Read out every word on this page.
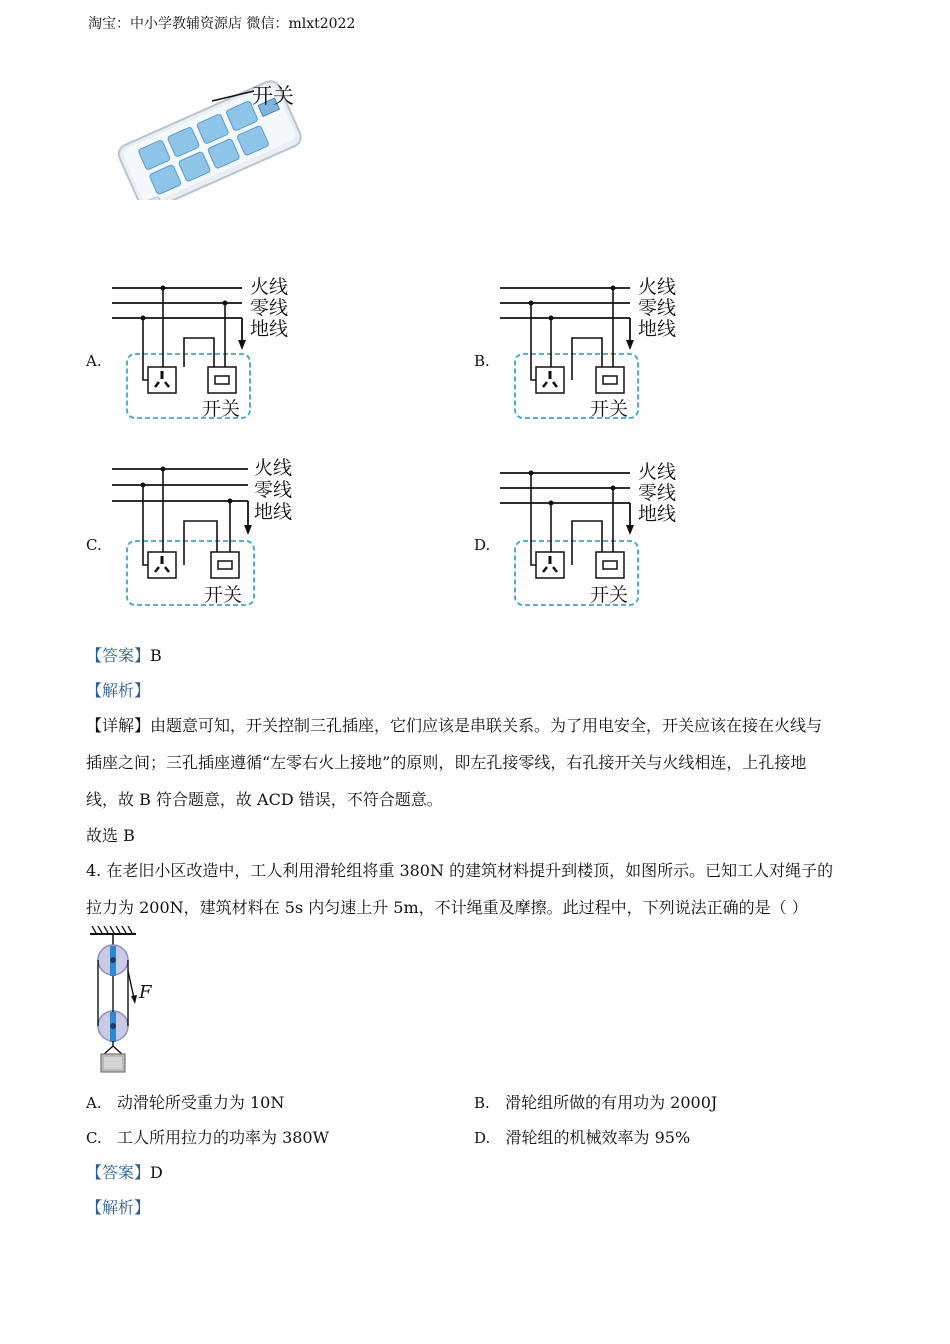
淘宝：中小学教辅资源店 微信：mlxt2022
开关
A.
火线
零线
地线
开关
B.
火线
零线
地线
开关
C.
火线
零线
地线
开关
D.
火线
零线
地线
开关
【答案】B
【解析】
【详解】由题意可知，开关控制三孔插座，它们应该是串联关系。为了用电安全，开关应该在接在火线与
插座之间；三孔插座遵循“左零右火上接地”的原则，即左孔接零线，右孔接开关与火线相连，上孔接地
线，故 B 符合题意，故 ACD 错误，不符合题意。
故选 B
4. 在老旧小区改造中，工人利用滑轮组将重 380N 的建筑材料提升到楼顶，如图所示。已知工人对绳子的
拉力为 200N，建筑材料在 5s 内匀速上升 5m，不计绳重及摩擦。此过程中，下列说法正确的是（ ）
F
A. 动滑轮所受重力为 10N	B. 滑轮组所做的有用功为 2000J
C. 工人所用拉力的功率为 380W	D. 滑轮组的机械效率为 95%
【答案】D
【解析】
